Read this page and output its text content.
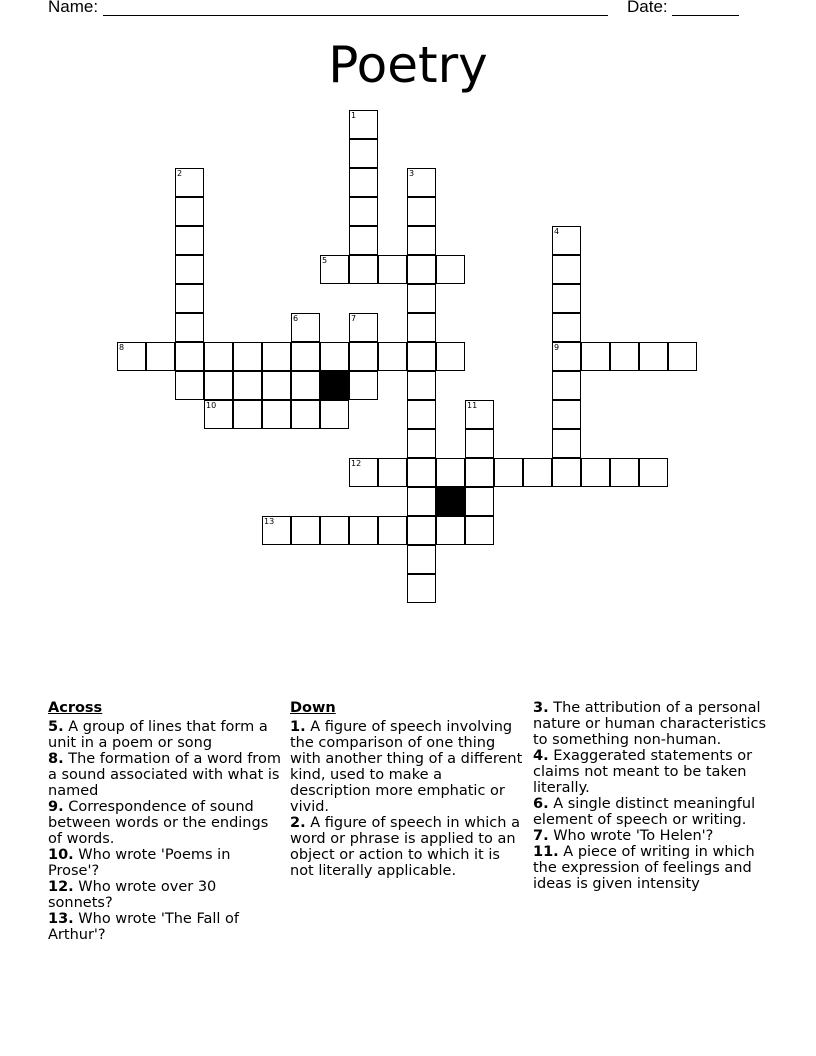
Name:	Date:
Poetry
1
2	3
4
5
6	7
8	9
10	11
12
13
Across
5. A group of lines that form a unit in a poem or song
8. The formation of a word from a sound associated with what is named
9. Correspondence of sound between words or the endings of words.
10. Who wrote 'Poems in Prose'?
12. Who wrote over 30 sonnets?
13. Who wrote 'The Fall of Arthur'?
Down
1. A figure of speech involving the comparison of one thing with another thing of a different kind, used to make a description more emphatic or vivid.
2. A figure of speech in which a word or phrase is applied to an object or action to which it is not literally applicable.
3. The attribution of a personal nature or human characteristics to something non-human.
4. Exaggerated statements or claims not meant to be taken literally.
6. A single distinct meaningful element of speech or writing.
7. Who wrote 'To Helen'?
11. A piece of writing in which the expression of feelings and ideas is given intensity
